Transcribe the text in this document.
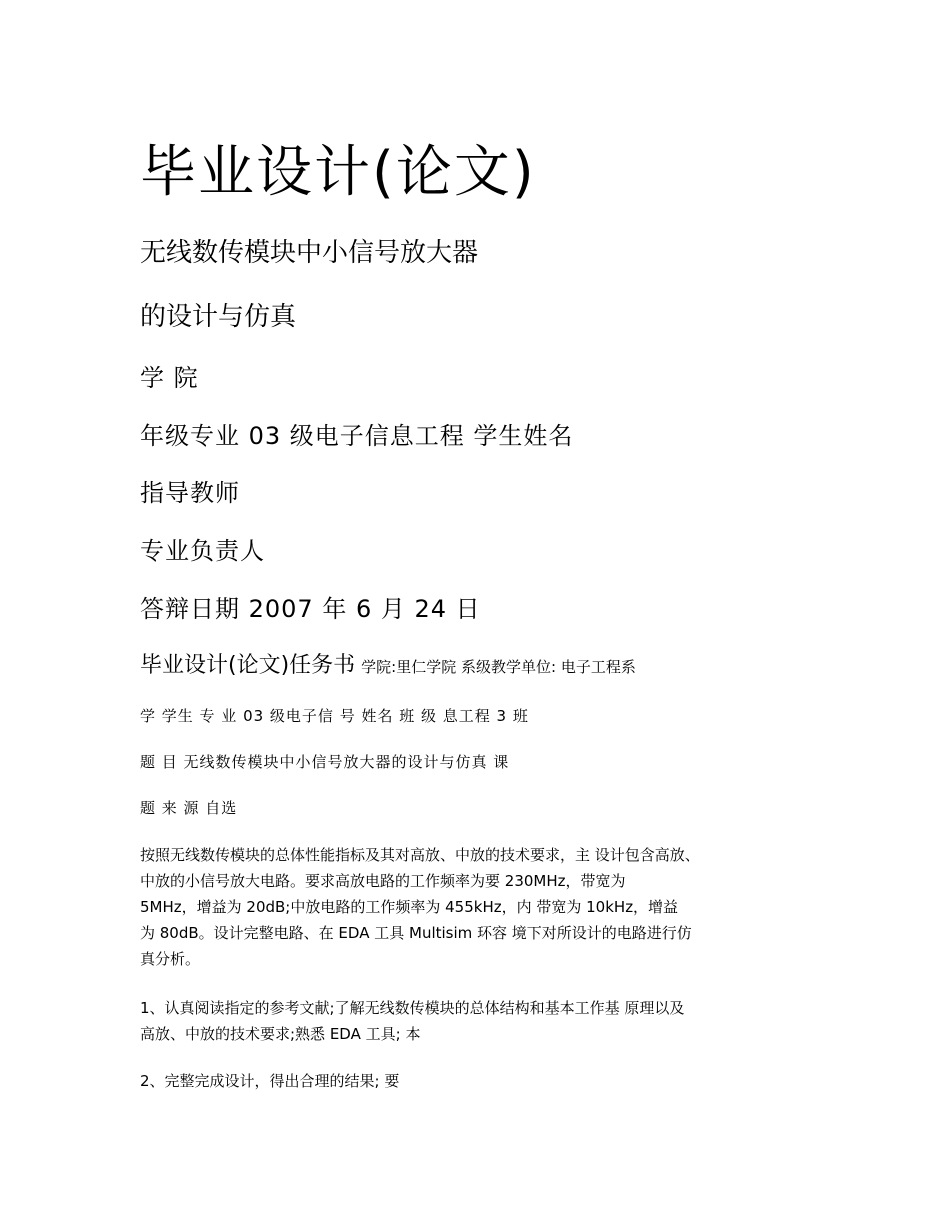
毕业设计(论文)
无线数传模块中小信号放大器
的设计与仿真
学 院
年级专业 03 级电子信息工程 学生姓名
指导教师
专业负责人
答辩日期 2007 年 6 月 24 日
毕业设计(论文)任务书 学院:里仁学院 系级教学单位: 电子工程系
学 学生 专 业 03 级电子信 号 姓名 班 级 息工程 3 班
题 目 无线数传模块中小信号放大器的设计与仿真 课
题 来 源 自选
按照无线数传模块的总体性能指标及其对高放、中放的技术要求，主 设计包含高放、
中放的小信号放大电路。要求高放电路的工作频率为要 230MHz，带宽为
5MHz，增益为 20dB;中放电路的工作频率为 455kHz，内 带宽为 10kHz，增益
为 80dB。设计完整电路、在 EDA 工具 Multisim 环容 境下对所设计的电路进行仿
真分析。
1、认真阅读指定的参考文献;了解无线数传模块的总体结构和基本工作基 原理以及
高放、中放的技术要求;熟悉 EDA 工具; 本
2、完整完成设计，得出合理的结果; 要
